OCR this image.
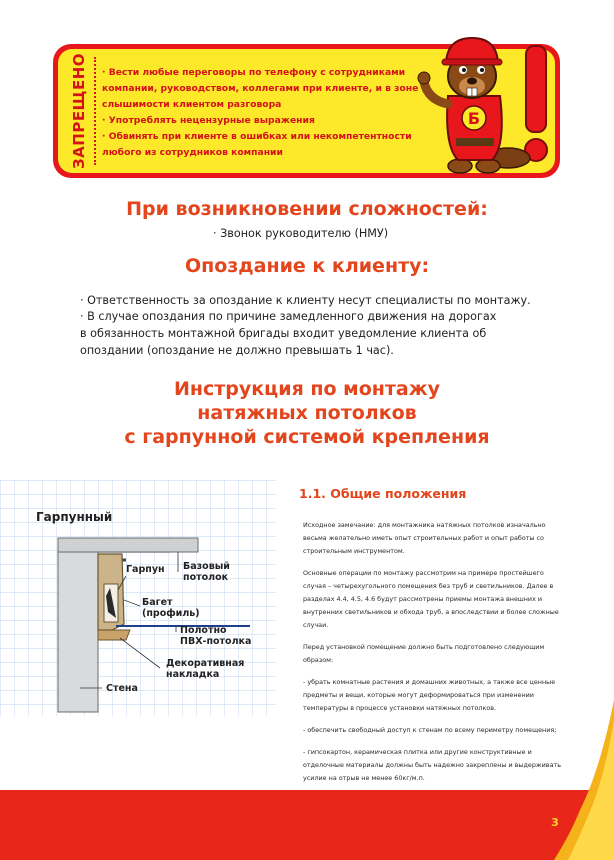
ЗАПРЕЩЕНО
·	Вести любые переговоры по телефону с сотрудниками компании, руководством, коллегами при клиенте, и в зоне слышимости клиентом разговора
· Употреблять нецензурные выражения
· Обвинять при клиенте в ошибках или некомпетентности любого из сотрудников компании
Б
При возникновении сложностей:
· Звонок руководителю (НМУ)
Опоздание к клиенту:
· Ответственность за опоздание к клиенту несут специалисты по монтажу.
· В случае опоздания по причине замедленного движения на дорогах
в обязанность монтажной бригады входит уведомление клиента об
опоздании (опоздание не должно превышать 1 час).
Инструкция по монтажу
натяжных потолков
с гарпунной системой крепления
Гарпунный
Базовый
потолок
Гарпун
Багет
(профиль)
Полотно
ПВХ-потолка
Декоративная
накладка
Стена
1.1. Общие положения

Исходное замечание: для монтажника натяжных потолков изначально весьма желательно иметь опыт строительных работ и опыт работы со строительным инструментом.

Основные операции по монтажу рассмотрим на примере простейшего случая – четырехугольного помещения без труб и светильников. Далее в разделах 4.4, 4.5, 4.6 будут рассмотрены приемы монтажа внешних и внутренних светильников и обхода труб, а впоследствии и более сложные случаи.

Перед установкой помещение должно быть подготовлено следующим образом:

- убрать комнатные растения и домашних животных, а также все ценные предметы и вещи, которые могут деформироваться при изменении температуры в процессе установки натяжных потолков.

- обеспечить свободный доступ к стенам по всему периметру помещения;

- гипсокартон, керамическая плитка или другие конструктивные и отделочные материалы должны быть надежно закреплены и выдерживать усилие на отрыв не менее 60кг/м.п.

3
